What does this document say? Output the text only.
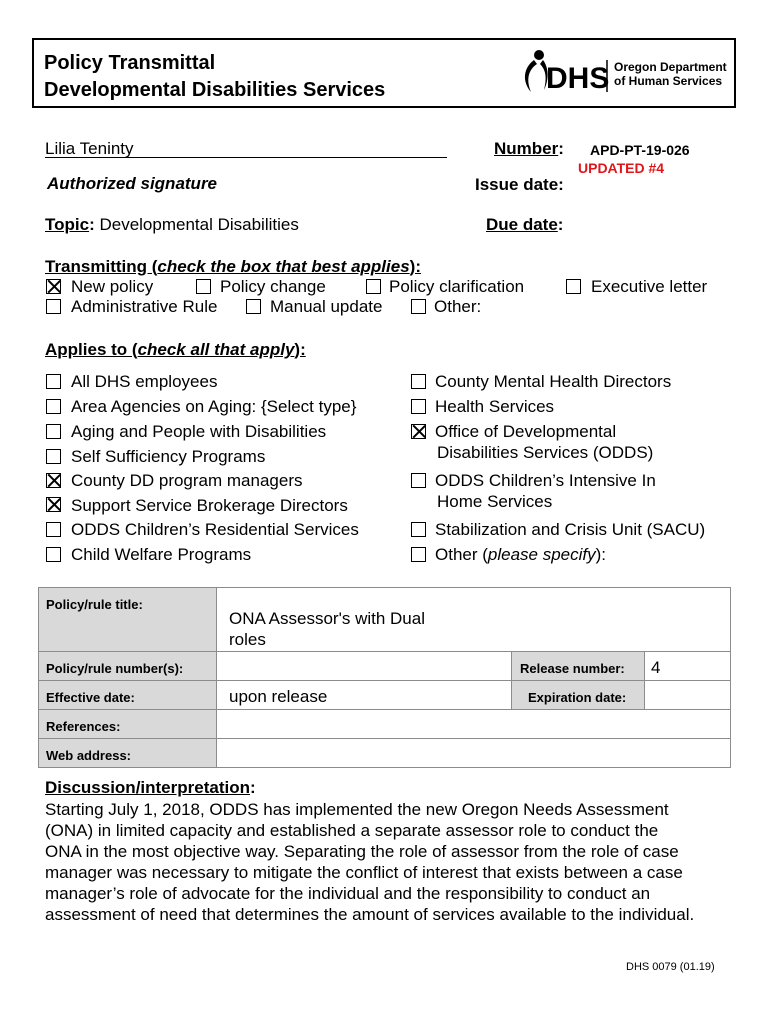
Policy Transmittal
Developmental Disabilities Services	DHS Oregon Department
of Human Services
Lilia Teninty
Authorized signature
Number: APD-PT-19-026
UPDATED #4
Issue date:
Topic: Developmental Disabilities	Due date:
Transmitting (check the box that best applies):
New policy	Policy change	Policy clarification	Executive letter
Administrative Rule	Manual update	Other:
Applies to (check all that apply):
All DHS employees
Area Agencies on Aging: {Select type}
Aging and People with Disabilities
Self Sufficiency Programs
County DD program managers
Support Service Brokerage Directors
ODDS Children’s Residential Services
Child Welfare Programs
County Mental Health Directors
Health Services
Office of Developmental
Disabilities Services (ODDS)
ODDS Children’s Intensive In
Home Services
Stabilization and Crisis Unit (SACU)
Other (please specify):
Policy/rule title:	ONA Assessor's with Dual
roles		

Policy/rule number(s):		Release number:	4
Effective date:	upon release	Expiration date:	
References:			
Web address:			
Discussion/interpretation:
Starting July 1, 2018, ODDS has implemented the new Oregon Needs Assessment
(ONA) in limited capacity and established a separate assessor role to conduct the
ONA in the most objective way. Separating the role of assessor from the role of case
manager was necessary to mitigate the conflict of interest that exists between a case
manager’s role of advocate for the individual and the responsibility to conduct an
assessment of need that determines the amount of services available to the individual.
DHS 0079 (01.19)
